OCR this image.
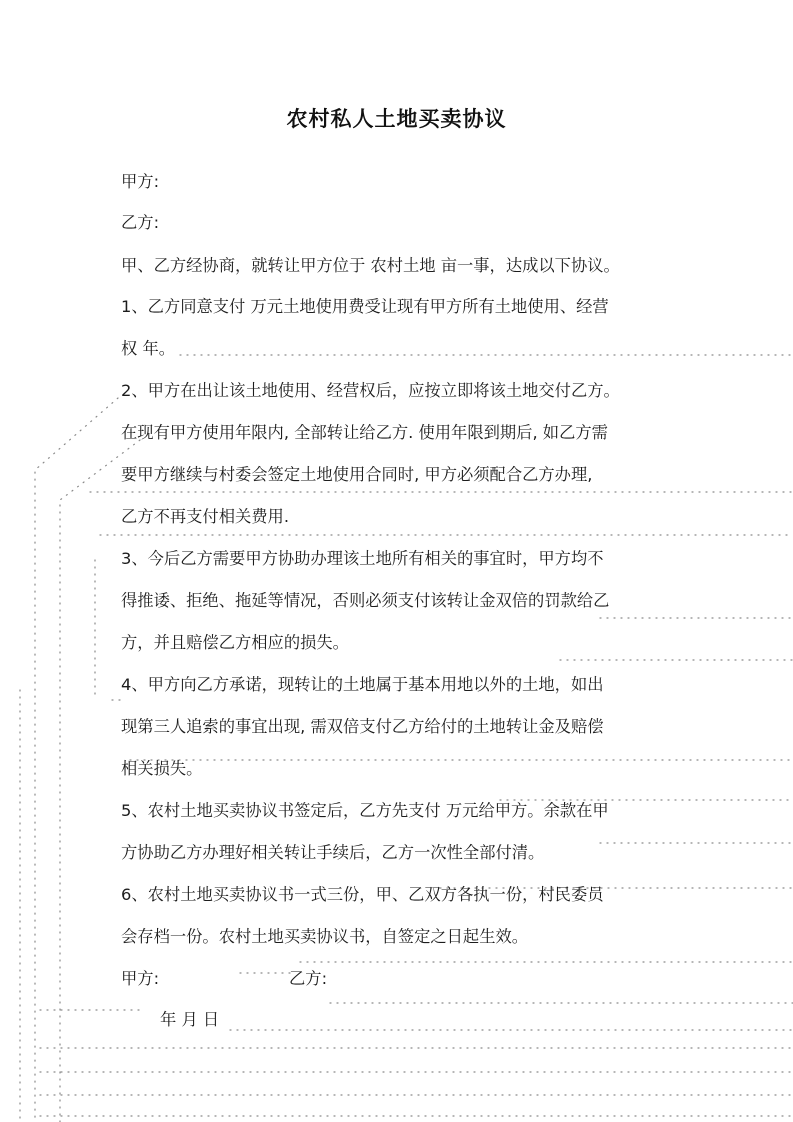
农村私人土地买卖协议
甲方:
乙方:
甲、乙方经协商，就转让甲方位于 农村土地 亩一事，达成以下协议。
1、乙方同意支付 万元土地使用费受让现有甲方所有土地使用、经营
权 年。
2、甲方在出让该土地使用、经营权后，应按立即将该土地交付乙方。
在现有甲方使用年限内, 全部转让给乙方. 使用年限到期后, 如乙方需
要甲方继续与村委会签定土地使用合同时, 甲方必须配合乙方办理,
乙方不再支付相关费用.
3、今后乙方需要甲方协助办理该土地所有相关的事宜时，甲方均不
得推诿、拒绝、拖延等情况，否则必须支付该转让金双倍的罚款给乙
方，并且赔偿乙方相应的损失。
4、甲方向乙方承诺，现转让的土地属于基本用地以外的土地，如出
现第三人追索的事宜出现, 需双倍支付乙方给付的土地转让金及赔偿
相关损失。
5、农村土地买卖协议书签定后，乙方先支付 万元给甲方。余款在甲
方协助乙方办理好相关转让手续后，乙方一次性全部付清。
6、农村土地买卖协议书一式三份，甲、乙双方各执一份，村民委员
会存档一份。农村土地买卖协议书，自签定之日起生效。
甲方:	乙方:
年 月 日
